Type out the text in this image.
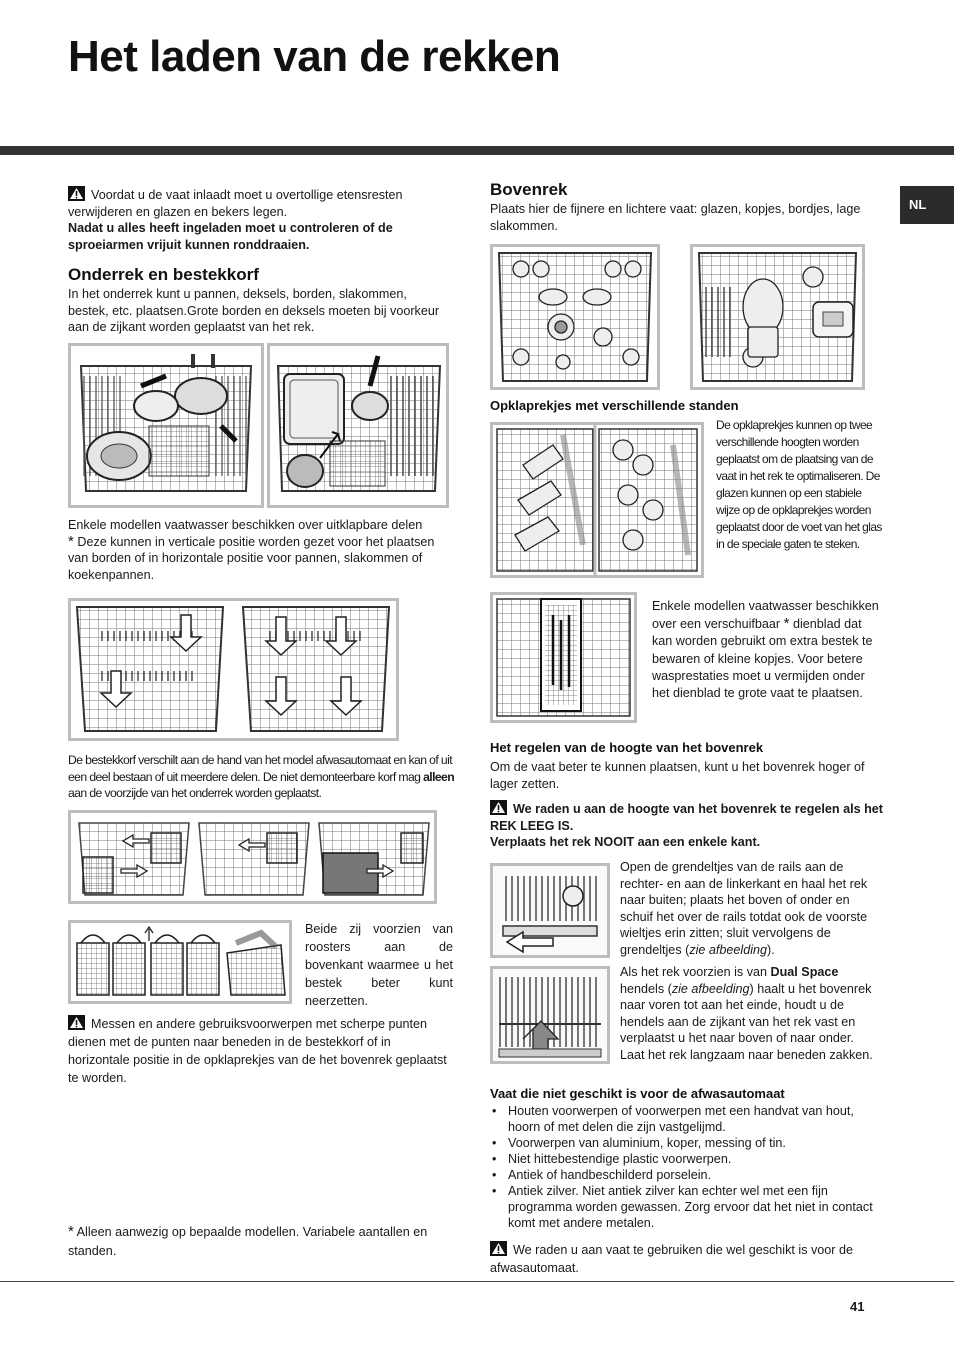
Het laden van de rekken
NL

Voordat u de vaat inlaadt moet u overtollige etensresten verwijderen en glazen en bekers legen.

Nadat u alles heeft ingeladen moet u controleren of de sproeiarmen vrijuit kunnen ronddraaien.

Onderrek en bestekkorf

In het onderrek kunt u pannen, deksels, borden, slakommen, bestek, etc. plaatsen.Grote borden en deksels moeten bij voorkeur aan de zijkant worden geplaatst van het rek.

Enkele modellen vaatwasser beschikken over uitklapbare delen
* Deze kunnen in verticale positie worden gezet voor het plaatsen van borden of in horizontale positie voor pannen, slakommen of koekenpannen.

De bestekkorf verschilt aan de hand van het model afwasautomaat en kan of uit een deel bestaan of uit meerdere delen. De niet demonteerbare korf mag alleen aan de voorzijde van het onderrek worden geplaatst.

Beide zij voorzien van roosters aan de bovenkant waarmee u het bestek beter kunt neerzetten.

Messen en andere gebruiksvoorwerpen met scherpe punten dienen met de punten naar beneden in de bestekkorf of in horizontale positie in de opklaprekjes van de het bovenrek geplaatst te worden.

* Alleen aanwezig op bepaalde modellen. Variabele aantallen en standen.

Bovenrek

Plaats hier de fijnere en lichtere vaat: glazen, kopjes, bordjes, lage slakommen.

Opklaprekjes met verschillende standen

De opklaprekjes kunnen op twee verschillende hoogten worden geplaatst om de plaatsing van de vaat in het rek te optimaliseren. De glazen kunnen op een stabiele wijze op de opklaprekjes worden geplaatst door de voet van het glas in de speciale gaten te steken.

Enkele modellen vaatwasser beschikken over een verschuifbaar * dienblad dat kan worden gebruikt om extra bestek te bewaren of kleine kopjes. Voor betere wasprestaties moet u vermijden onder het dienblad te grote vaat te plaatsen.

Het regelen van de hoogte van het bovenrek

Om de vaat beter te kunnen plaatsen, kunt u het bovenrek hoger of lager zetten.

We raden u aan de hoogte van het bovenrek te regelen als het REK LEEG IS.

Verplaats het rek NOOIT aan een enkele kant.

Open de grendeltjes van de rails aan de rechter- en aan de linkerkant en haal het rek naar buiten; plaats het boven of onder en schuif het over de rails totdat ook de voorste wieltjes erin zitten; sluit vervolgens de grendeltjes (zie afbeelding).

Als het rek voorzien is van Dual Space hendels (zie afbeelding) haalt u het bovenrek naar voren tot aan het einde, houdt u de hendels aan de zijkant van het rek vast en verplaatst u het naar boven of naar onder.
Laat het rek langzaam naar beneden zakken.

Vaat die niet geschikt is voor de afwasautomaat
• Houten voorwerpen of voorwerpen met een handvat van hout, hoorn of met delen die zijn vastgelijmd.
• Voorwerpen van aluminium, koper, messing of tin.
• Niet hittebestendige plastic voorwerpen.
• Antiek of handbeschilderd porselein.
• Antiek zilver. Niet antiek zilver kan echter wel met een fijn programma worden gewassen. Zorg ervoor dat het niet in contact komt met andere metalen.

We raden u aan vaat te gebruiken die wel geschikt is voor de afwasautomaat.

41
